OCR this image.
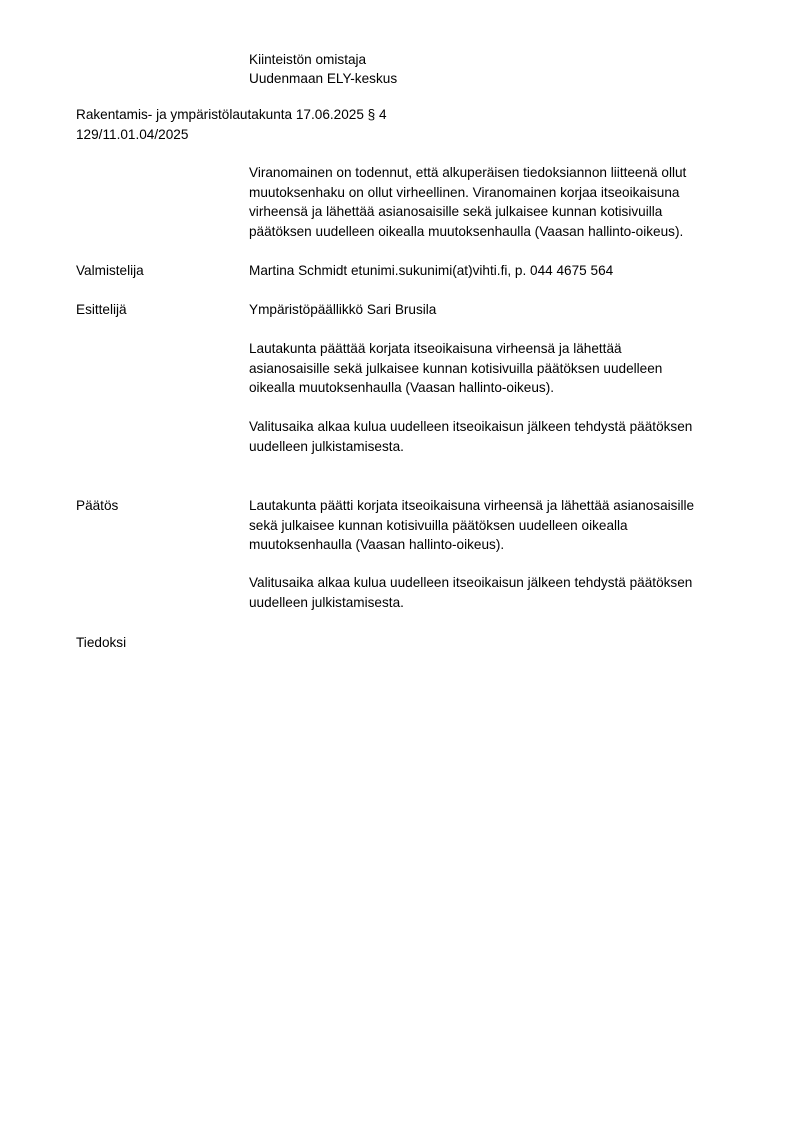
Kiinteistön omistaja
Uudenmaan ELY-keskus
Rakentamis- ja ympäristölautakunta 17.06.2025 § 4
129/11.01.04/2025
Viranomainen on todennut, että alkuperäisen tiedoksiannon liitteenä ollut
muutoksenhaku on ollut virheellinen. Viranomainen korjaa itseoikaisuna
virheensä ja lähettää asianosaisille sekä julkaisee kunnan kotisivuilla
päätöksen uudelleen oikealla muutoksenhaulla (Vaasan hallinto-oikeus).
Valmistelija	Martina Schmidt etunimi.sukunimi(at)vihti.fi, p. 044 4675 564
Esittelijä	Ympäristöpäällikkö Sari Brusila
Lautakunta päättää korjata itseoikaisuna virheensä ja lähettää
asianosaisille sekä julkaisee kunnan kotisivuilla päätöksen uudelleen
oikealla muutoksenhaulla (Vaasan hallinto-oikeus).
Valitusaika alkaa kulua uudelleen itseoikaisun jälkeen tehdystä päätöksen
uudelleen julkistamisesta.
Päätös	Lautakunta päätti korjata itseoikaisuna virheensä ja lähettää asianosaisille
sekä julkaisee kunnan kotisivuilla päätöksen uudelleen oikealla
muutoksenhaulla (Vaasan hallinto-oikeus).
Valitusaika alkaa kulua uudelleen itseoikaisun jälkeen tehdystä päätöksen
uudelleen julkistamisesta.
Tiedoksi
